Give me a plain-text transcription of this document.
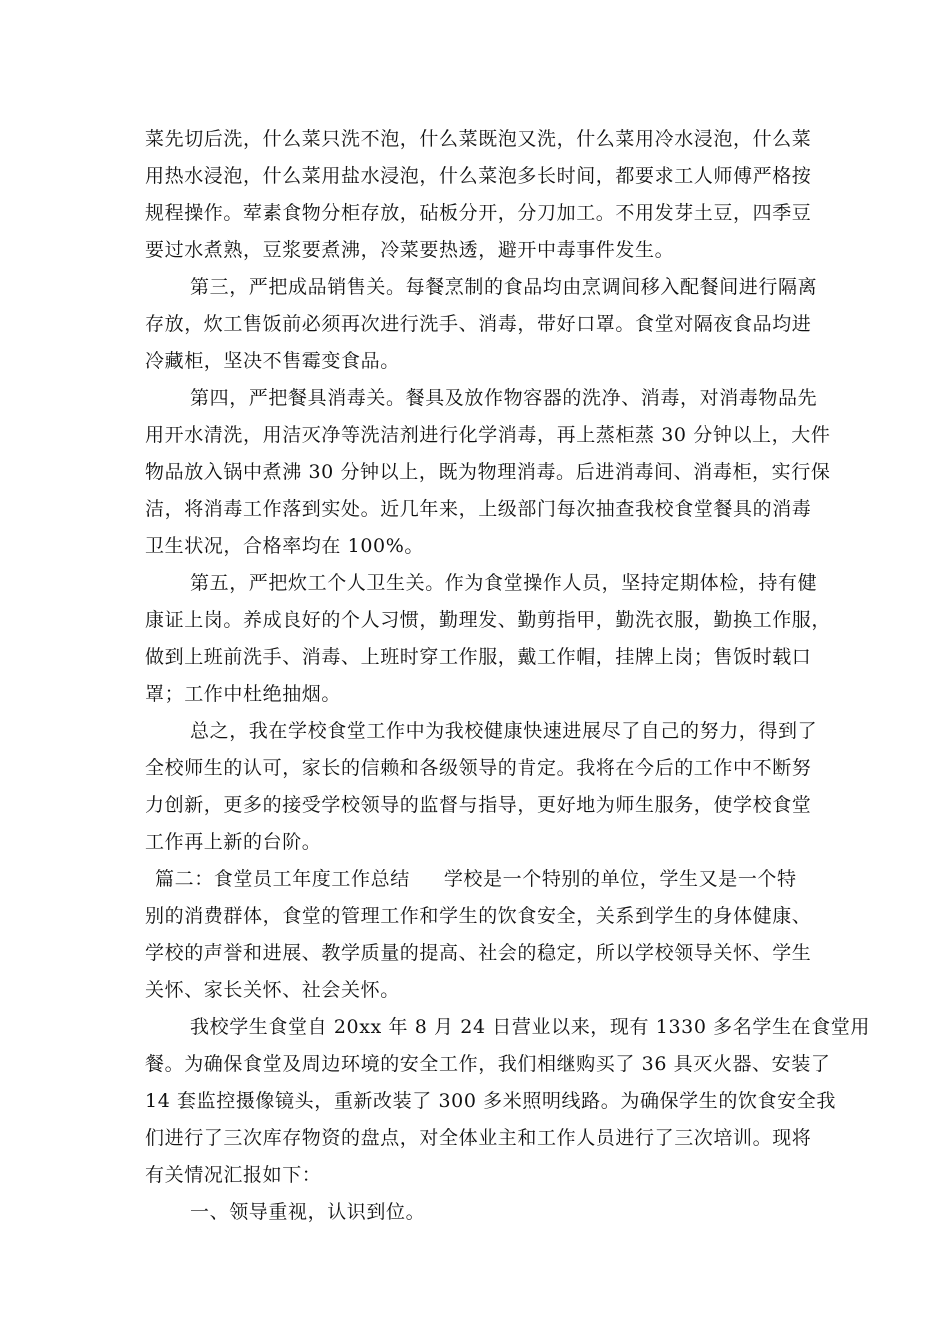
菜先切后洗，什么菜只洗不泡，什么菜既泡又洗，什么菜用冷水浸泡，什么菜
用热水浸泡，什么菜用盐水浸泡，什么菜泡多长时间，都要求工人师傅严格按
规程操作。荤素食物分柜存放，砧板分开，分刀加工。不用发芽土豆，四季豆
要过水煮熟，豆浆要煮沸，冷菜要热透，避开中毒事件发生。
第三，严把成品销售关。每餐烹制的食品均由烹调间移入配餐间进行隔离
存放，炊工售饭前必须再次进行洗手、消毒，带好口罩。食堂对隔夜食品均进
冷藏柜，坚决不售霉变食品。
第四，严把餐具消毒关。餐具及放作物容器的洗净、消毒，对消毒物品先
用开水清洗，用洁灭净等洗洁剂进行化学消毒，再上蒸柜蒸 30 分钟以上，大件
物品放入锅中煮沸 30 分钟以上，既为物理消毒。后进消毒间、消毒柜，实行保
洁，将消毒工作落到实处。近几年来，上级部门每次抽查我校食堂餐具的消毒
卫生状况，合格率均在 100%。
第五，严把炊工个人卫生关。作为食堂操作人员，坚持定期体检，持有健
康证上岗。养成良好的个人习惯，勤理发、勤剪指甲，勤洗衣服，勤换工作服，
做到上班前洗手、消毒、上班时穿工作服，戴工作帽，挂牌上岗；售饭时载口
罩；工作中杜绝抽烟。
总之，我在学校食堂工作中为我校健康快速进展尽了自己的努力，得到了
全校师生的认可，家长的信赖和各级领导的肯定。我将在今后的工作中不断努
力创新，更多的接受学校领导的监督与指导，更好地为师生服务，使学校食堂
工作再上新的台阶。
篇二：食堂员工年度工作总结 学校是一个特别的单位，学生又是一个特
别的消费群体，食堂的管理工作和学生的饮食安全，关系到学生的身体健康、
学校的声誉和进展、教学质量的提高、社会的稳定，所以学校领导关怀、学生
关怀、家长关怀、社会关怀。
我校学生食堂自 20xx 年 8 月 24 日营业以来，现有 1330 多名学生在食堂用
餐。为确保食堂及周边环境的安全工作，我们相继购买了 36 具灭火器、安装了
14 套监控摄像镜头，重新改装了 300 多米照明线路。为确保学生的饮食安全我
们进行了三次库存物资的盘点，对全体业主和工作人员进行了三次培训。现将
有关情况汇报如下：
一、领导重视，认识到位。
